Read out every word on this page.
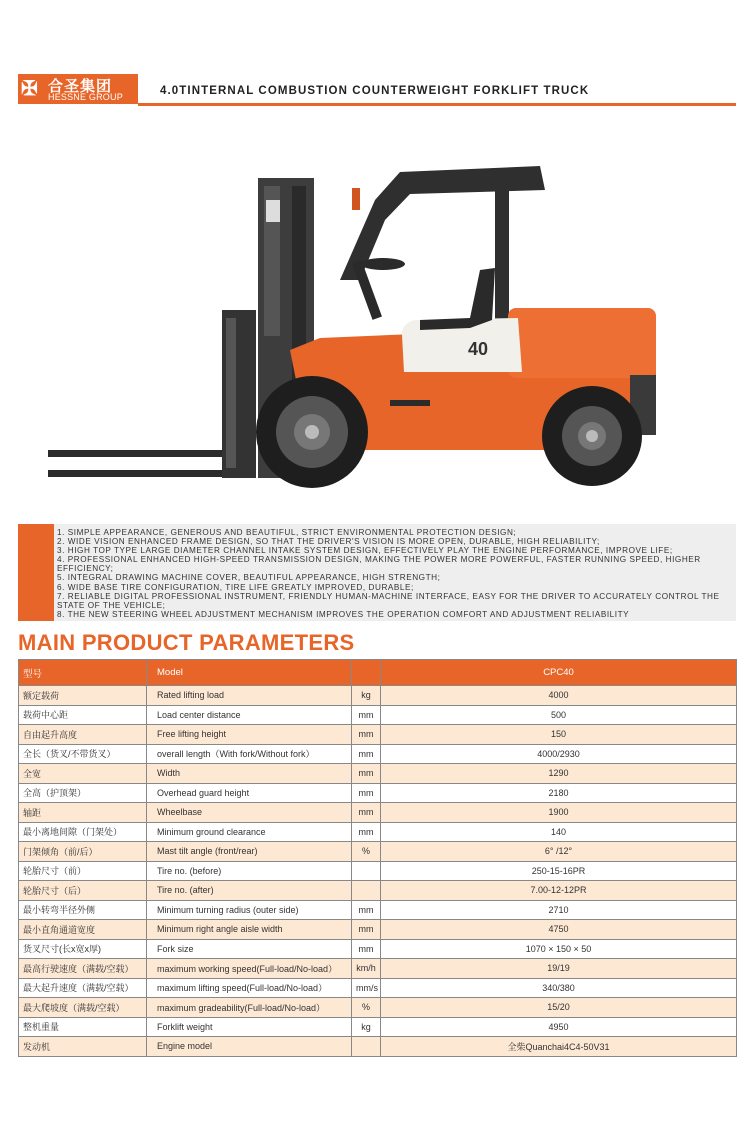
✠ 合圣集团
HESSNE GROUP	4.0TINTERNAL COMBUSTION COUNTERWEIGHT FORKLIFT TRUCK
40
1. SIMPLE APPEARANCE, GENEROUS AND BEAUTIFUL, STRICT ENVIRONMENTAL PROTECTION DESIGN;
2. WIDE VISION ENHANCED FRAME DESIGN, SO THAT THE DRIVER'S VISION IS MORE OPEN, DURABLE, HIGH RELIABILITY;
3. HIGH TOP TYPE LARGE DIAMETER CHANNEL INTAKE SYSTEM DESIGN, EFFECTIVELY PLAY THE ENGINE PERFORMANCE, IMPROVE LIFE;
4. PROFESSIONAL ENHANCED HIGH-SPEED TRANSMISSION DESIGN, MAKING THE POWER MORE POWERFUL, FASTER RUNNING SPEED, HIGHER EFFICIENCY;
5. INTEGRAL DRAWING MACHINE COVER, BEAUTIFUL APPEARANCE, HIGH STRENGTH;
6. WIDE BASE TIRE CONFIGURATION, TIRE LIFE GREATLY IMPROVED, DURABLE;
7. RELIABLE DIGITAL PROFESSIONAL INSTRUMENT, FRIENDLY HUMAN-MACHINE INTERFACE, EASY FOR THE DRIVER TO ACCURATELY CONTROL THE STATE OF THE VEHICLE;
8. THE NEW STEERING WHEEL ADJUSTMENT MECHANISM IMPROVES THE OPERATION COMFORT AND ADJUSTMENT RELIABILITY
MAIN PRODUCT PARAMETERS
型号	Model		CPC40
额定载荷	Rated lifting load	kg	4000
载荷中心距	Load center distance	mm	500
自由起升高度	Free lifting height	mm	150
全长（货叉/不带货叉）	overall length（With fork/Without fork）	mm	4000/2930
全宽	Width	mm	1290
全高（护顶架）	Overhead guard height	mm	2180
轴距	Wheelbase	mm	1900
最小离地间隙（门架处）	Minimum ground clearance	mm	140
门架倾角（前/后）	Mast tilt angle (front/rear)	%	6° /12°
轮胎尺寸（前）	Tire no. (before)		250-15-16PR
轮胎尺寸（后）	Tire no. (after)		7.00-12-12PR
最小转弯半径外侧	Minimum turning radius (outer side)	mm	2710
最小直角通道宽度	Minimum right angle aisle width	mm	4750
货叉尺寸(长x宽x厚)	Fork size	mm	1070 × 150 × 50
最高行驶速度（满载/空载）	maximum working speed(Full-load/No-load）	km/h	19/19
最大起升速度（满载/空载）	maximum lifting speed(Full-load/No-load）	mm/s	340/380
最大爬坡度（满载/空载）	maximum gradeability(Full-load/No-load）	%	15/20
整机重量	Forklift weight	kg	4950
发动机	Engine model		全柴Quanchai4C4-50V31
